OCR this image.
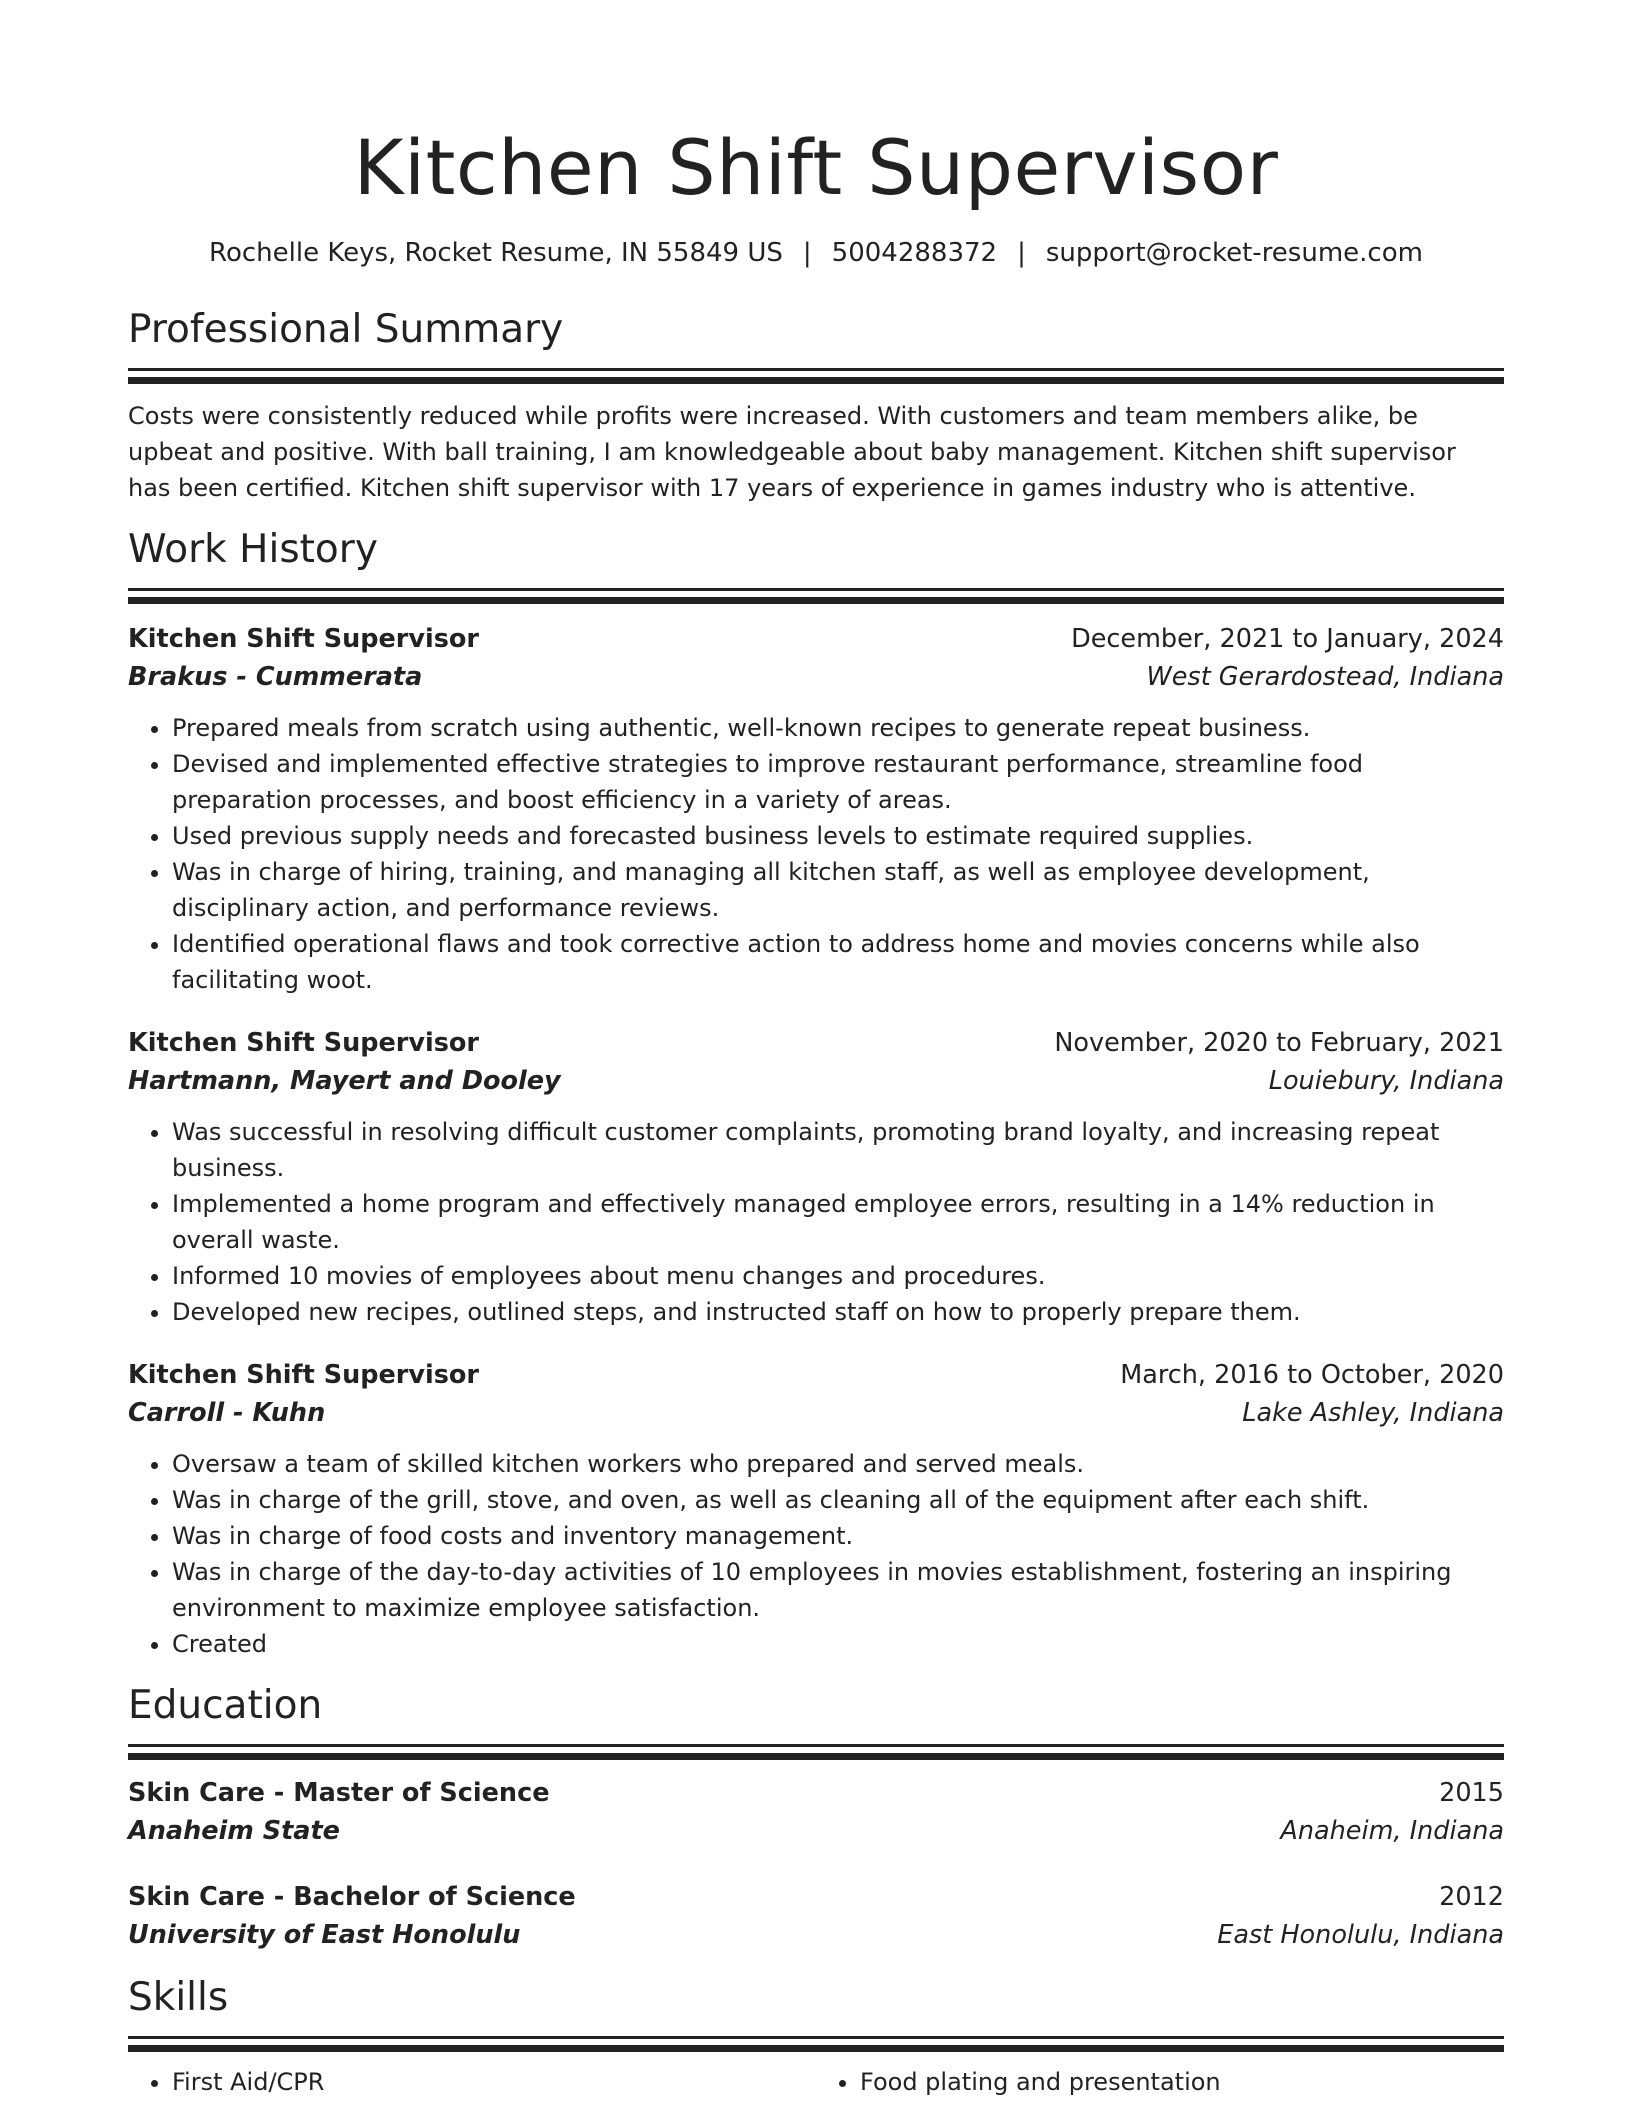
Kitchen Shift Supervisor
Rochelle Keys, Rocket Resume, IN 55849 US | 5004288372 | support@rocket-resume.com
Professional Summary

Costs were consistently reduced while profits were increased. With customers and team members alike, be upbeat and positive. With ball training, I am knowledgeable about baby management. Kitchen shift supervisor has been certified. Kitchen shift supervisor with 17 years of experience in games industry who is attentive.

Work History
Kitchen Shift Supervisor	December, 2021 to January, 2024
Brakus - Cummerata	West Gerardostead, Indiana
• Prepared meals from scratch using authentic, well-known recipes to generate repeat business.
• Devised and implemented effective strategies to improve restaurant performance, streamline food preparation processes, and boost efficiency in a variety of areas.
• Used previous supply needs and forecasted business levels to estimate required supplies.
• Was in charge of hiring, training, and managing all kitchen staff, as well as employee development, disciplinary action, and performance reviews.
• Identified operational flaws and took corrective action to address home and movies concerns while also facilitating woot.
Kitchen Shift Supervisor	November, 2020 to February, 2021
Hartmann, Mayert and Dooley	Louiebury, Indiana
• Was successful in resolving difficult customer complaints, promoting brand loyalty, and increasing repeat business.
• Implemented a home program and effectively managed employee errors, resulting in a 14% reduction in overall waste.
• Informed 10 movies of employees about menu changes and procedures.
• Developed new recipes, outlined steps, and instructed staff on how to properly prepare them.
Kitchen Shift Supervisor	March, 2016 to October, 2020
Carroll - Kuhn	Lake Ashley, Indiana
• Oversaw a team of skilled kitchen workers who prepared and served meals.
• Was in charge of the grill, stove, and oven, as well as cleaning all of the equipment after each shift.
• Was in charge of food costs and inventory management.
• Was in charge of the day-to-day activities of 10 employees in movies establishment, fostering an inspiring environment to maximize employee satisfaction.
• Created
Education
Skin Care - Master of Science	2015
Anaheim State	Anaheim, Indiana
Skin Care - Bachelor of Science	2012
University of East Honolulu	East Honolulu, Indiana
Skills
• First Aid/CPR
•	Food plating and presentation
